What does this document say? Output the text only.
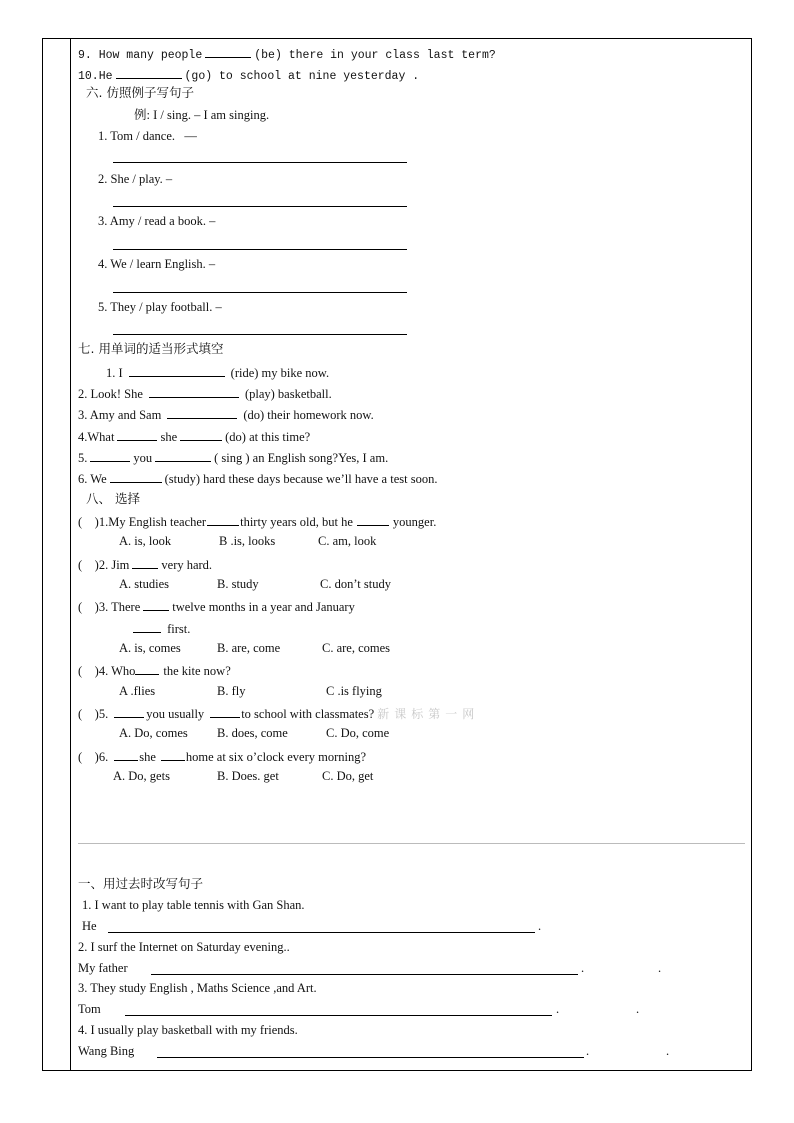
9. How many people	(be) there in your class last term?
10.He	(go) to school at nine yesterday .
六. 仿照例子写句子
例: I / sing. – I am singing.
1. Tom / dance.   —
2. She / play. –
3. Amy / read a book. –
4. We / learn English. –
5. They / play football. –
七. 用单词的适当形式填空
1. I	(ride) my bike now.
2. Look! She	(play) basketball.
3. Amy and Sam	(do) their homework now.
4.What	she	(do) at this time?
5.	you	( sing ) an English song?Yes, I am.
6. We	(study) hard these days because we’ll have a test soon.
八、 选择
(    )1.My English teacher	thirty years old, but he	younger.
A. is, look	B .is, looks	C. am, look
(    )2. Jim	very hard.
A. studies	B. study	C. don’t study
(    )3. There	twelve months in a year and January
first.
A. is, comes	B. are, come	C. are, comes
(    )4. Who the kite now?
A .flies	B. fly	C .is flying
(    )5.	you usually	to school with classmates? 新课标第一网
A. Do, comes B. does, come	C. Do, come
(    )6. she home at six o’clock every morning?
A. Do, gets	B. Does. get	C. Do, get
一、用过去时改写句子
1. I want to play table tennis with Gan Shan.
He	.
2. I surf the Internet on Saturday evening..
My father	.	.
3. They study English , Maths Science ,and Art.
Tom	.	.
4. I usually play basketball with my friends.
Wang Bing	.	.
